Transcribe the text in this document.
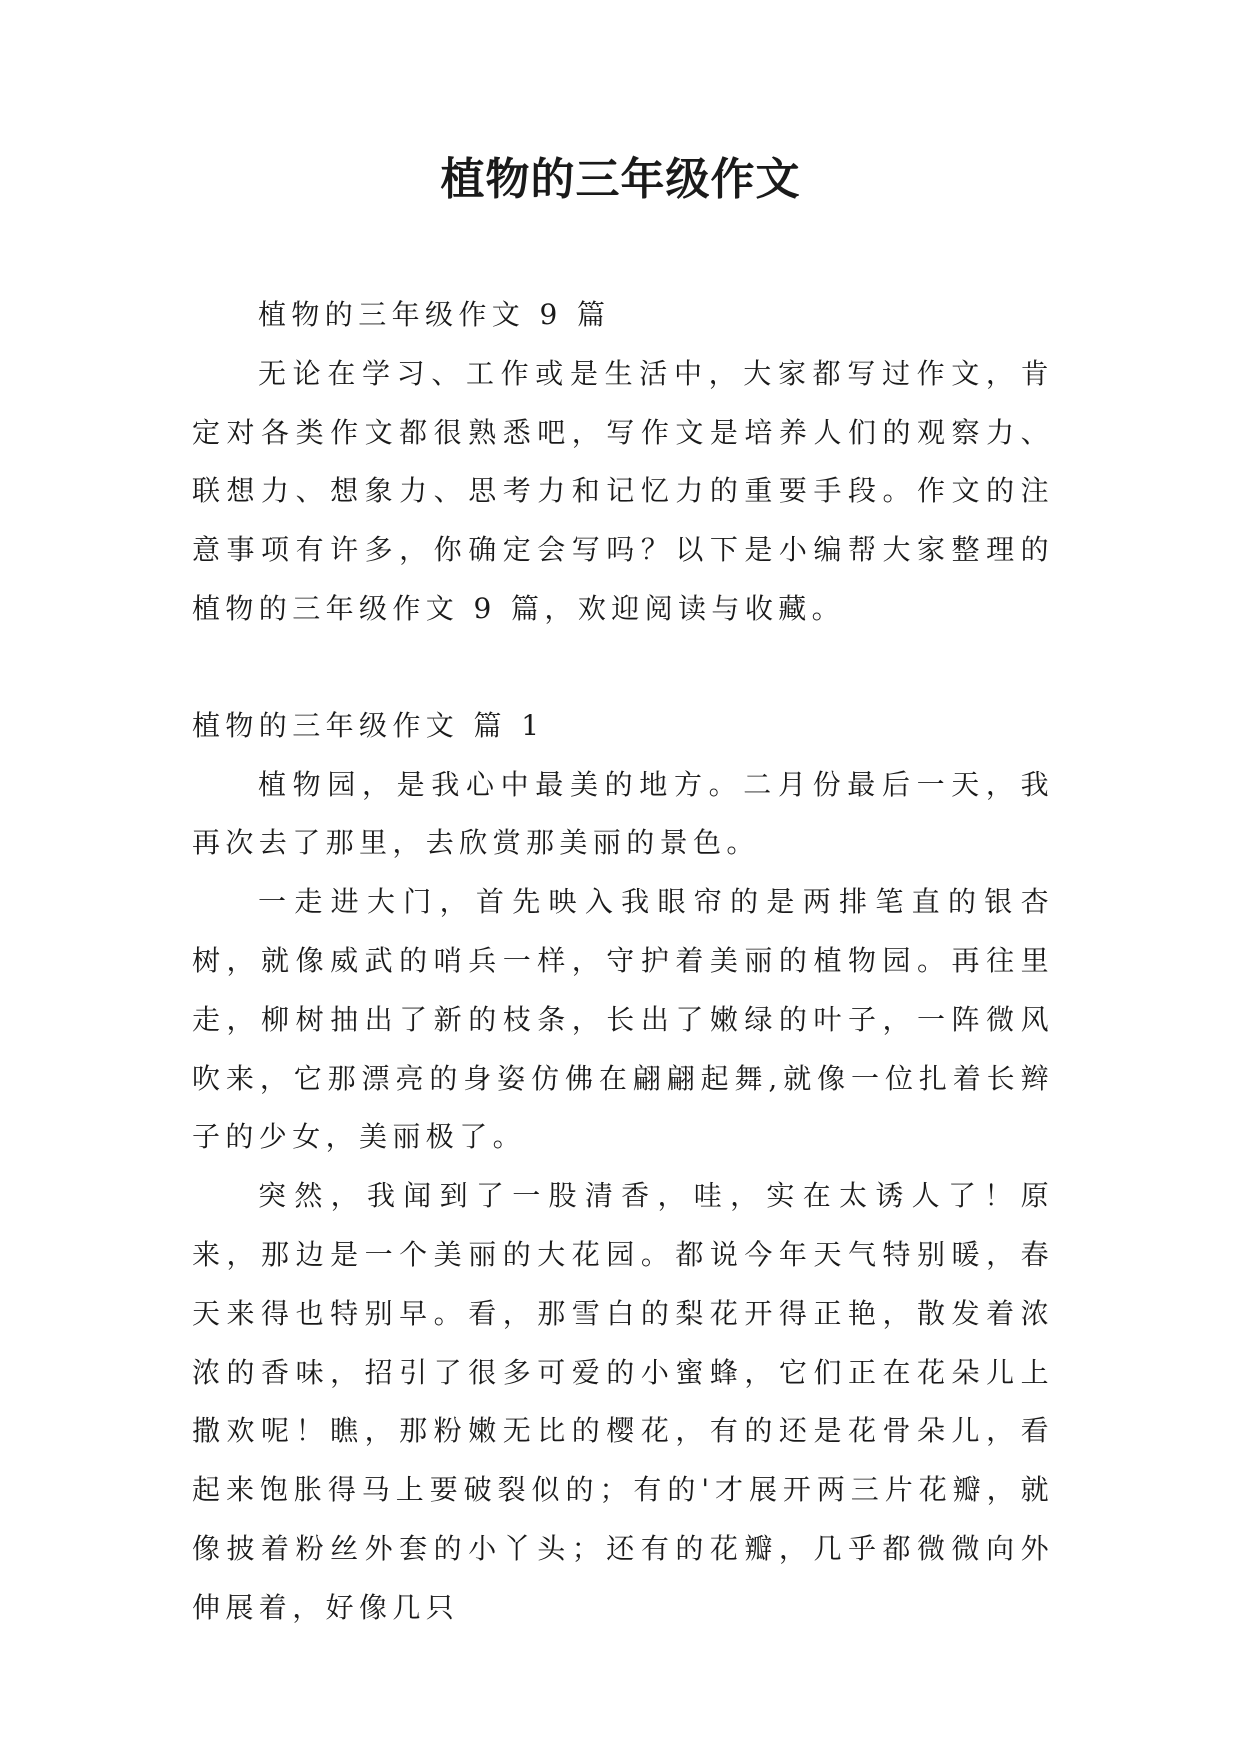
植物的三年级作文

植物的三年级作文 9 篇

无论在学习、工作或是生活中，大家都写过作文，肯定对各类作文都很熟悉吧，写作文是培养人们的观察力、联想力、想象力、思考力和记忆力的重要手段。作文的注意事项有许多，你确定会写吗？以下是小编帮大家整理的植物的三年级作文 9 篇，欢迎阅读与收藏。

植物的三年级作文 篇 1

植物园，是我心中最美的地方。二月份最后一天，我再次去了那里，去欣赏那美丽的景色。

一走进大门，首先映入我眼帘的是两排笔直的银杏树，就像威武的哨兵一样，守护着美丽的植物园。再往里走，柳树抽出了新的枝条，长出了嫩绿的叶子，一阵微风吹来，它那漂亮的身姿仿佛在翩翩起舞,就像一位扎着长辫子的少女，美丽极了。

突然，我闻到了一股清香，哇，实在太诱人了！原来，那边是一个美丽的大花园。都说今年天气特别暖，春天来得也特别早。看，那雪白的梨花开得正艳，散发着浓浓的香味，招引了很多可爱的小蜜蜂，它们正在花朵儿上撒欢呢！瞧，那粉嫩无比的樱花，有的还是花骨朵儿，看起来饱胀得马上要破裂似的；有的'才展开两三片花瓣，就像披着粉丝外套的小丫头；还有的花瓣，几乎都微微向外伸展着，好像几只
